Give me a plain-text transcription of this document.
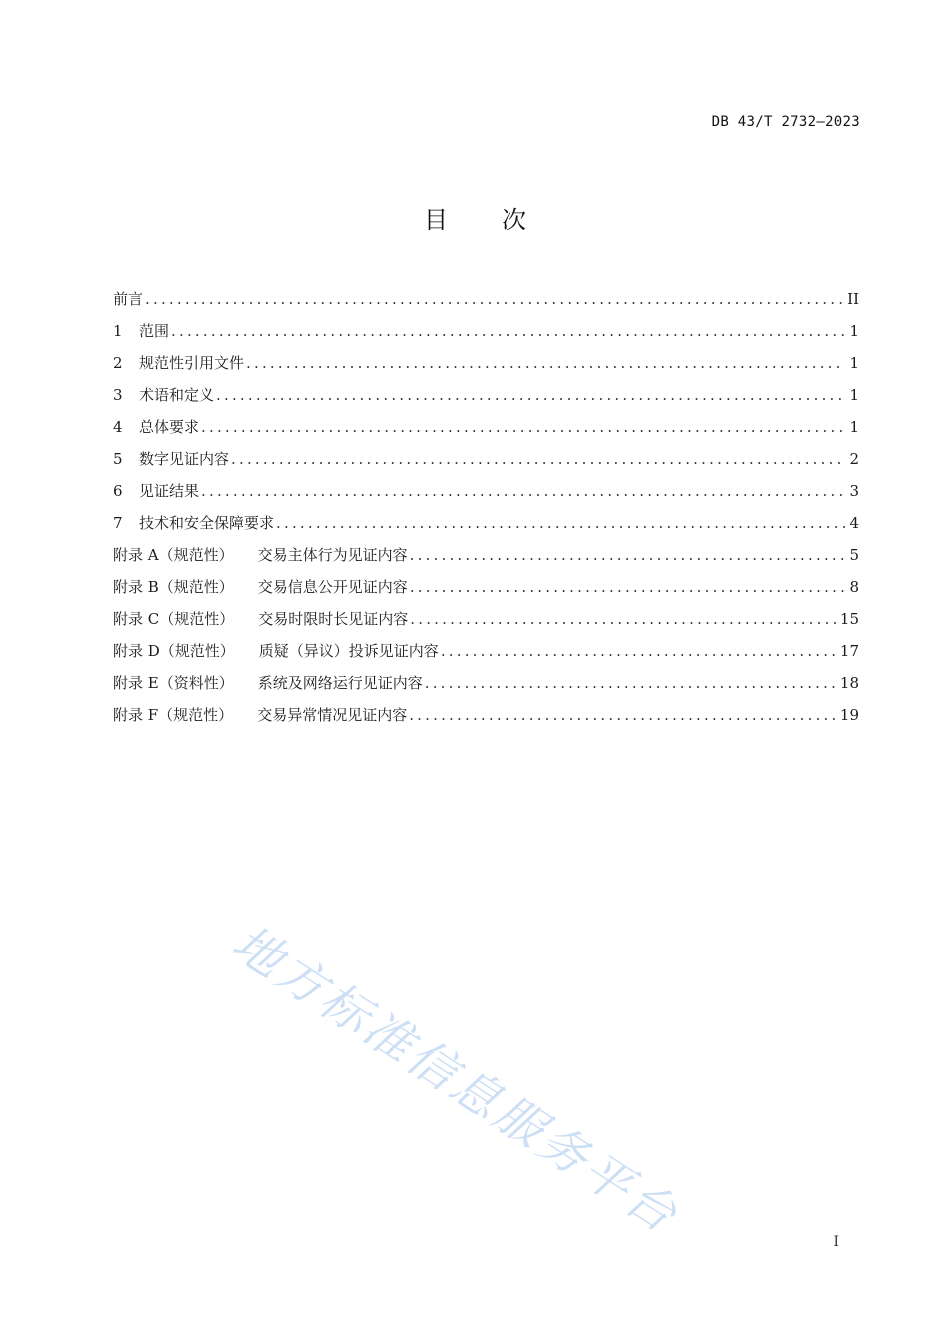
DB 43/T 2732—2023
目 次
前言 .....	II
1	范围 .....	1
2	规范性引用文件 .....	1
3	术语和定义 .....	1
4	总体要求 .....	1
5	数字见证内容 .....	2
6	见证结果 .....	3
7	技术和安全保障要求 .....	4
附录 A（规范性） 交易主体行为见证内容 .....	5
附录 B（规范性） 交易信息公开见证内容 .....	8
附录 C（规范性） 交易时限时长见证内容 .....	15
附录 D（规范性） 质疑（异议）投诉见证内容 .....	17
附录 E（资料性） 系统及网络运行见证内容 .....	18
附录 F（规范性） 交易异常情况见证内容 .....	19
地方标准信息服务平台	I
